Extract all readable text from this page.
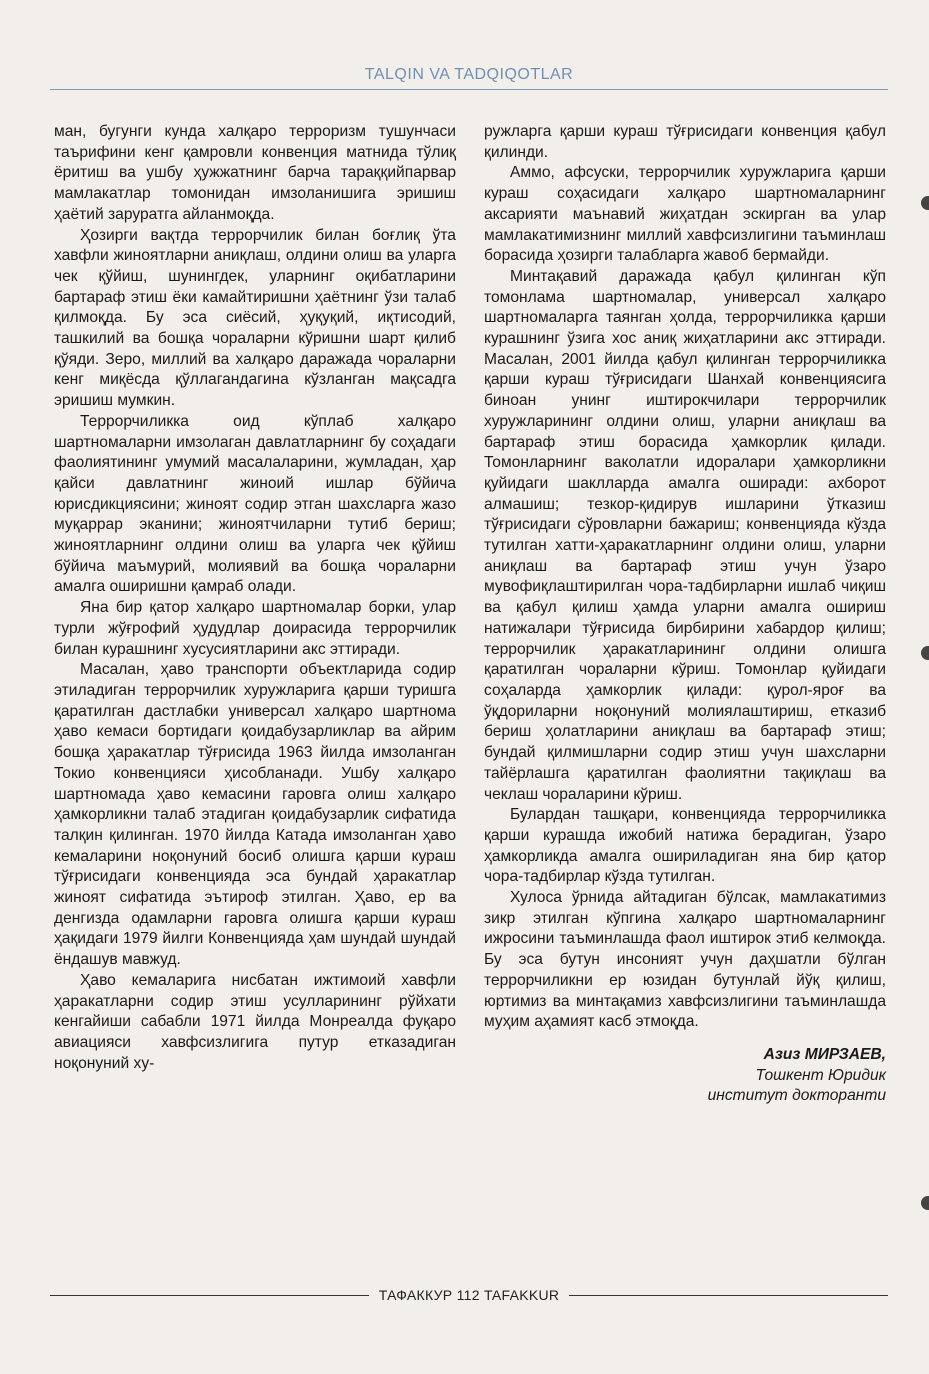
TALQIN VA TADQIQOTLAR

ман, бугунги кунда халқаро терроризм тушунчаси таърифини кенг қамровли конвенция матнида тўлиқ ёритиш ва ушбу ҳужжатнинг барча тараққийпарвар мамлакатлар томонидан имзоланишига эришиш ҳаётий заруратга айланмоқда.

Ҳозирги вақтда террорчилик билан боғлиқ ўта хавфли жиноятларни аниқлаш, олдини олиш ва уларга чек қўйиш, шунингдек, уларнинг оқибатларини бартараф этиш ёки камайтиришни ҳаётнинг ўзи талаб қилмоқда. Бу эса сиёсий, ҳуқуқий, иқтисодий, ташкилий ва бошқа чораларни кўришни шарт қилиб қўяди. Зеро, миллий ва халқаро даражада чораларни кенг миқёсда қўллагандагина кўзланган мақсадга эришиш мумкин.

Террорчиликка оид кўплаб халқаро шартномаларни имзолаган давлатларнинг бу соҳадаги фаолиятининг умумий масалаларини, жумладан, ҳар қайси давлатнинг жиноий ишлар бўйича юрисдикциясини; жиноят содир этган шахсларга жазо муқаррар эканини; жиноятчиларни тутиб бериш; жиноятларнинг олдини олиш ва уларга чек қўйиш бўйича маъмурий, молиявий ва бошқа чораларни амалга оширишни қамраб олади.

Яна бир қатор халқаро шартномалар борки, улар турли жўғрофий ҳудудлар доирасида террорчилик билан курашнинг хусусиятларини акс эттиради.

Масалан, ҳаво транспорти объектларида содир этиладиган террорчилик хуружларига қарши туришга қаратилган дастлабки универсал халқаро шартнома ҳаво кемаси бортидаги қоидабузарликлар ва айрим бошқа ҳаракатлар тўғрисида 1963 йилда имзоланган Токио конвенцияси ҳисобланади. Ушбу халқаро шартномада ҳаво кемасини гаровга олиш халқаро ҳамкорликни талаб этадиган қоидабузарлик сифатида талқин қилинган. 1970 йилда Катада имзоланган ҳаво кемаларини ноқонуний босиб олишга қарши кураш тўғрисидаги конвенцияда эса бундай ҳаракатлар жиноят сифатида эътироф этилган. Ҳаво, ер ва денгизда одамларни гаровга олишга қарши кураш ҳақидаги 1979 йилги Конвенцияда ҳам шундай шундай ёндашув мавжуд.

Ҳаво кемаларига нисбатан ижтимоий хавфли ҳаракатларни содир этиш усулларининг рўйхати кенгайиши сабабли 1971 йилда Монреалда фуқаро авиацияси хавфсизлигига путур етказадиган ноқонуний ху-

ружларга қарши кураш тўғрисидаги конвенция қабул қилинди.

Аммо, афсуски, террорчилик хуружларига қарши кураш соҳасидаги халқаро шартномаларнинг аксарияти маънавий жиҳатдан эскирган ва улар мамлакатимизнинг миллий хавфсизлигини таъминлаш борасида ҳозирги талабларга жавоб бермайди.

Минтақавий даражада қабул қилинган кўп томонлама шартномалар, универсал халқаро шартномаларга таянган ҳолда, террорчиликка қарши курашнинг ўзига хос аниқ жиҳатларини акс эттиради. Масалан, 2001 йилда қабул қилинган террорчиликка қарши кураш тўғрисидаги Шанхай конвенциясига биноан унинг иштирокчилари террорчилик хуружларининг олдини олиш, уларни аниқлаш ва бартараф этиш борасида ҳамкорлик қилади. Томонларнинг ваколатли идоралари ҳамкорликни қуйидаги шаклларда амалга оширади: ахборот алмашиш; тезкор-қидирув ишларини ўтказиш тўғрисидаги сўровларни бажариш; конвенцияда кўзда тутилган хатти-ҳаракатларнинг олдини олиш, уларни аниқлаш ва бартараф этиш учун ўзаро мувофиқлаштирилган чора-тадбирларни ишлаб чиқиш ва қабул қилиш ҳамда уларни амалга ошириш натижалари тўғрисида бирбирини хабардор қилиш; террорчилик ҳаракатларининг олдини олишга қаратилган чораларни кўриш. Томонлар қуйидаги соҳаларда ҳамкорлик қилади: қурол-яроғ ва ўқдориларни ноқонуний молиялаштириш, етказиб бериш ҳолатларини аниқлаш ва бартараф этиш; бундай қилмишларни содир этиш учун шахсларни тайёрлашга қаратилган фаолиятни тақиқлаш ва чеклаш чораларини кўриш.

Булардан ташқари, конвенцияда террорчиликка қарши курашда ижобий натижа берадиган, ўзаро ҳамкорликда амалга ошириладиган яна бир қатор чора-тадбирлар кўзда тутилган.

Хулоса ўрнида айтадиган бўлсак, мамлакатимиз зикр этилган кўпгина халқаро шартномаларнинг ижросини таъминлашда фаол иштирок этиб келмоқда. Бу эса бутун инсоният учун даҳшатли бўлган террорчиликни ер юзидан бутунлай йўқ қилиш, юртимиз ва минтақамиз хавфсизлигини таъминлашда муҳим аҳамият касб этмоқда.

Азиз МИРЗАЕВ,
Тошкент Юридик
институт докторанти
ТАФАККУР 112 TAFAKKUR
